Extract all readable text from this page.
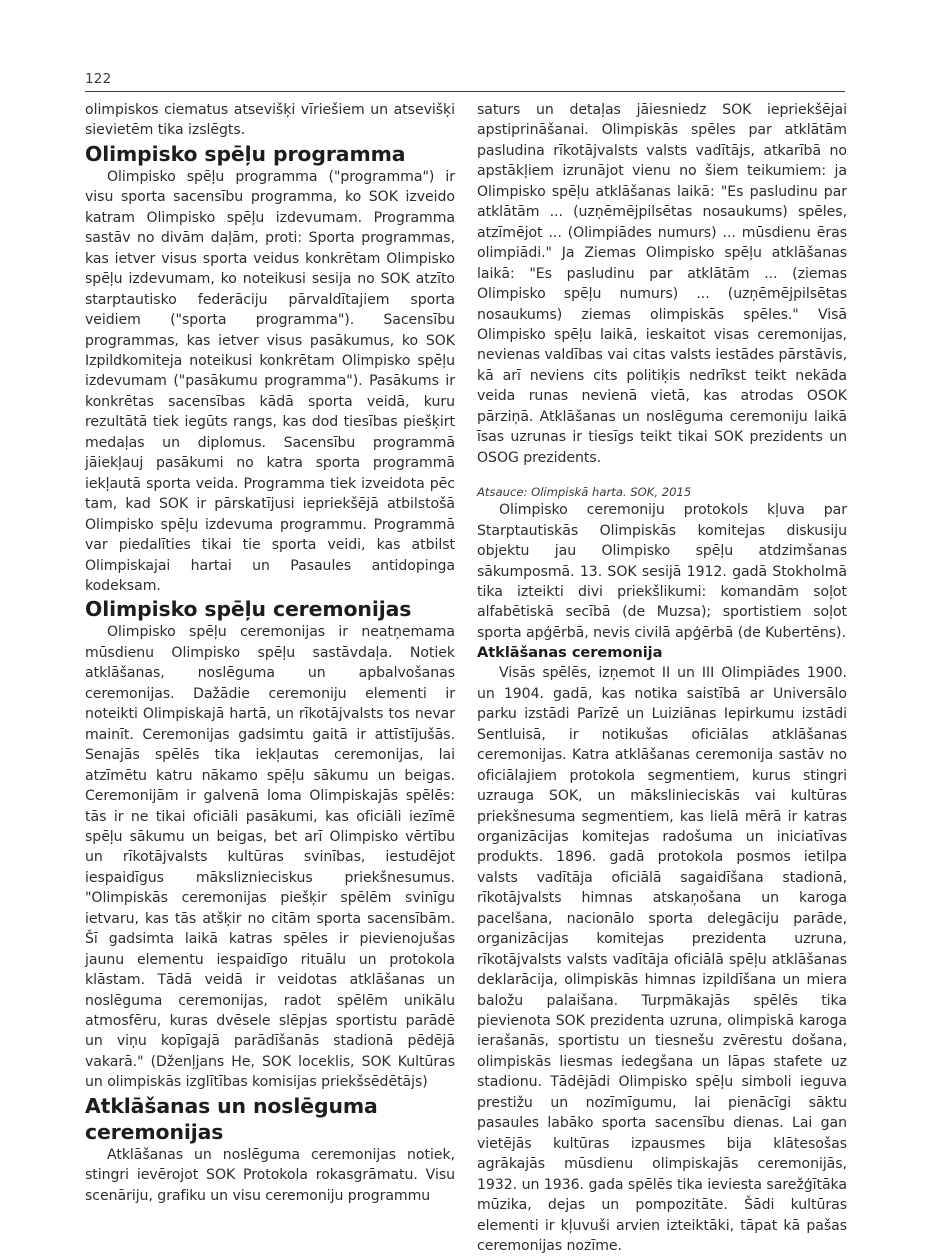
122

olimpiskos ciematus atsevišķi vīriešiem un atsevišķi sievietēm tika izslēgts.

Olimpisko spēļu programma

Olimpisko spēļu programma ("programma") ir visu sporta sacensību programma, ko SOK izveido katram Olimpisko spēļu izdevumam. Programma sastāv no divām daļām, proti: Sporta programmas, kas ietver visus sporta veidus konkrētam Olimpisko spēļu izdevumam, ko noteikusi sesija no SOK atzīto starptautisko federāciju pārvaldītajiem sporta veidiem ("sporta programma"). Sacensību programmas, kas ietver visus pasākumus, ko SOK Izpildkomiteja noteikusi konkrētam Olimpisko spēļu izdevumam ("pasākumu programma"). Pasākums ir konkrētas sacensības kādā sporta veidā, kuru rezultātā tiek iegūts rangs, kas dod tiesības piešķirt medaļas un diplomus. Sacensību programmā jāiekļauj pasākumi no katra sporta programmā iekļautā sporta veida. Programma tiek izveidota pēc tam, kad SOK ir pārskatījusi iepriekšējā atbilstošā Olimpisko spēļu izdevuma programmu. Programmā var piedalīties tikai tie sporta veidi, kas atbilst Olimpiskajai hartai un Pasaules antidopinga kodeksam.

Olimpisko spēļu ceremonijas

Olimpisko spēļu ceremonijas ir neatņemama mūsdienu Olimpisko spēļu sastāvdaļa. Notiek atklāšanas, noslēguma un apbalvošanas ceremonijas. Dažādie ceremoniju elementi ir noteikti Olimpiskajā hartā, un rīkotājvalsts tos nevar mainīt. Ceremonijas gadsimtu gaitā ir attīstījušās. Senajās spēlēs tika iekļautas ceremonijas, lai atzīmētu katru nākamo spēļu sākumu un beigas. Ceremonijām ir galvenā loma Olimpiskajās spēlēs: tās ir ne tikai oficiāli pasākumi, kas oficiāli iezīmē spēļu sākumu un beigas, bet arī Olimpisko vērtību un rīkotājvalsts kultūras svinības, iestudējot iespaidīgus māksliznieciskus priekšnesumus. "Olimpiskās ceremonijas piešķir spēlēm svinīgu ietvaru, kas tās atšķir no citām sporta sacensībām. Šī gadsimta laikā katras spēles ir pievienojušas jaunu elementu iespaidīgo rituālu un protokola klāstam. Tādā veidā ir veidotas atklāšanas un noslēguma ceremonijas, radot spēlēm unikālu atmosfēru, kuras dvēsele slēpjas sportistu parādē un viņu kopīgajā parādīšanās stadionā pēdējā vakarā." (Dženļjans He, SOK loceklis, SOK Kultūras un olimpiskās izglītības komisijas priekšsēdētājs)

Atklāšanas un noslēguma ceremonijas

Atklāšanas un noslēguma ceremonijas notiek, stingri ievērojot SOK Protokola rokasgrāmatu. Visu scenāriju, grafiku un visu ceremoniju programmu

saturs un detaļas jāiesniedz SOK iepriekšējai apstiprināšanai. Olimpiskās spēles par atklātām pasludina rīkotājvalsts valsts vadītājs, atkarībā no apstākļiem izrunājot vienu no šiem teikumiem: ja Olimpisko spēļu atklāšanas laikā: "Es pasludinu par atklātām ... (uzņēmējpilsētas nosaukums) spēles, atzīmējot ... (Olimpiādes numurs) ... mūsdienu ēras olimpiādi." Ja Ziemas Olimpisko spēļu atklāšanas laikā: "Es pasludinu par atklātām ... (ziemas Olimpisko spēļu numurs) ... (uzņēmējpilsētas nosaukums) ziemas olimpiskās spēles." Visā Olimpisko spēļu laikā, ieskaitot visas ceremonijas, nevienas valdības vai citas valsts iestādes pārstāvis, kā arī neviens cits politiķis nedrīkst teikt nekāda veida runas nevienā vietā, kas atrodas OSOK pārziņā. Atklāšanas un noslēguma ceremoniju laikā īsas uzrunas ir tiesīgs teikt tikai SOK prezidents un OSOG prezidents.

Atsauce: Olimpiskā harta. SOK, 2015

Olimpisko ceremoniju protokols kļuva par Starptautiskās Olimpiskās komitejas diskusiju objektu jau Olimpisko spēļu atdzimšanas sākumposmā. 13. SOK sesijā 1912. gadā Stokholmā tika izteikti divi priekšlikumi: komandām soļot alfabētiskā secībā (de Muzsa); sportistiem soļot sporta apģērbā, nevis civilā apģērbā (de Kubertēns).

Atklāšanas ceremonija

Visās spēlēs, izņemot II un III Olimpiādes 1900. un 1904. gadā, kas notika saistībā ar Universālo parku izstādi Parīzē un Luiziānas Iepirkumu izstādi Sentluisā, ir notikušas oficiālas atklāšanas ceremonijas. Katra atklāšanas ceremonija sastāv no oficiālajiem protokola segmentiem, kurus stingri uzrauga SOK, un mākslinieciskās vai kultūras priekšnesuma segmentiem, kas lielā mērā ir katras organizācijas komitejas radošuma un iniciatīvas produkts. 1896. gadā protokola posmos ietilpa valsts vadītāja oficiālā sagaidīšana stadionā, rīkotājvalsts himnas atskaņošana un karoga pacelšana, nacionālo sporta delegāciju parāde, organizācijas komitejas prezidenta uzruna, rīkotājvalsts valsts vadītāja oficiālā spēļu atklāšanas deklarācija, olimpiskās himnas izpildīšana un miera baložu palaišana. Turpmākajās spēlēs tika pievienota SOK prezidenta uzruna, olimpiskā karoga ierašanās, sportistu un tiesnešu zvērestu došana, olimpiskās liesmas iedegšana un lāpas stafete uz stadionu. Tādējādi Olimpisko spēļu simboli ieguva prestižu un nozīmīgumu, lai pienācīgi sāktu pasaules labāko sporta sacensību dienas. Lai gan vietējās kultūras izpausmes bija klātesošas agrākajās mūsdienu olimpiskajās ceremonijās, 1932. un 1936. gada spēlēs tika ieviesta sarežģītāka mūzika, dejas un pompozitāte. Šādi kultūras elementi ir kļuvuši arvien izteiktāki, tāpat kā pašas ceremonijas nozīme.
